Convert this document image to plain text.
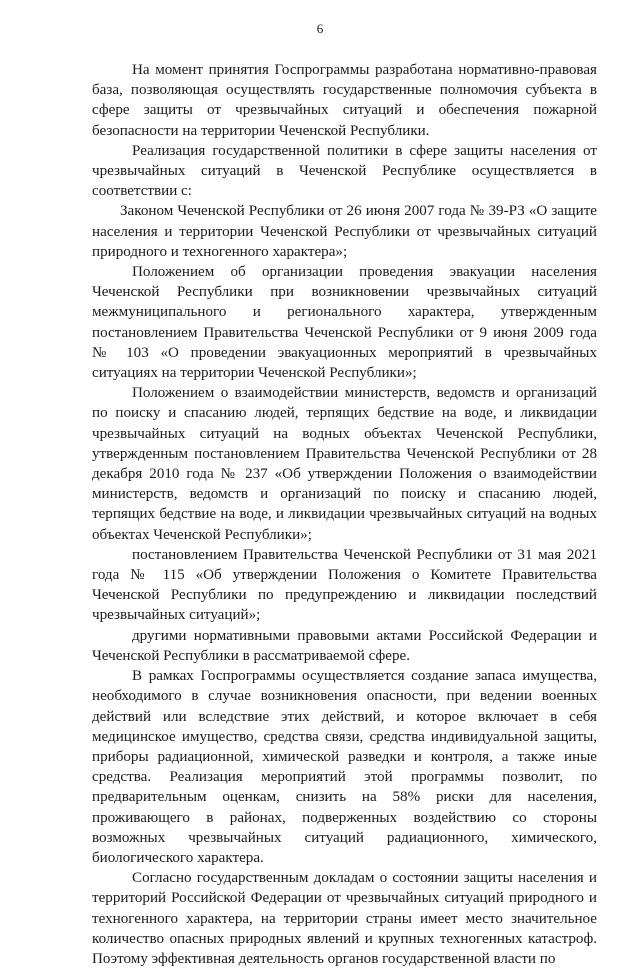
6

На момент принятия Госпрограммы разработана нормативно-правовая база, позволяющая осуществлять государственные полномочия субъекта в сфере защиты от чрезвычайных ситуаций и обеспечения пожарной безопасности на территории Чеченской Республики.

Реализация государственной политики в сфере защиты населения от чрезвычайных ситуаций в Чеченской Республике осуществляется в соответствии с:

Законом Чеченской Республики от 26 июня 2007 года № 39-РЗ «О защите населения и территории Чеченской Республики от чрезвычайных ситуаций природного и техногенного характера»;

Положением об организации проведения эвакуации населения Чеченской Республики при возникновении чрезвычайных ситуаций межмуниципального и регионального характера, утвержденным постановлением Правительства Чеченской Республики от 9 июня 2009 года № 103 «О проведении эвакуационных мероприятий в чрезвычайных ситуациях на территории Чеченской Республики»;

Положением о взаимодействии министерств, ведомств и организаций по поиску и спасанию людей, терпящих бедствие на воде, и ликвидации чрезвычайных ситуаций на водных объектах Чеченской Республики, утвержденным постановлением Правительства Чеченской Республики от 28 декабря 2010 года № 237 «Об утверждении Положения о взаимодействии министерств, ведомств и организаций по поиску и спасанию людей, терпящих бедствие на воде, и ликвидации чрезвычайных ситуаций на водных объектах Чеченской Республики»;

постановлением Правительства Чеченской Республики от 31 мая 2021 года № 115 «Об утверждении Положения о Комитете Правительства Чеченской Республики по предупреждению и ликвидации последствий чрезвычайных ситуаций»;

другими нормативными правовыми актами Российской Федерации и Чеченской Республики в рассматриваемой сфере.

В рамках Госпрограммы осуществляется создание запаса имущества, необходимого в случае возникновения опасности, при ведении военных действий или вследствие этих действий, и которое включает в себя медицинское имущество, средства связи, средства индивидуальной защиты, приборы радиационной, химической разведки и контроля, а также иные средства. Реализация мероприятий этой программы позволит, по предварительным оценкам, снизить на 58% риски для населения, проживающего в районах, подверженных воздействию со стороны возможных чрезвычайных ситуаций радиационного, химического, биологического характера.

Согласно государственным докладам о состоянии защиты населения и территорий Российской Федерации от чрезвычайных ситуаций природного и техногенного характера, на территории страны имеет место значительное количество опасных природных явлений и крупных техногенных катастроф. Поэтому эффективная деятельность органов государственной власти по
